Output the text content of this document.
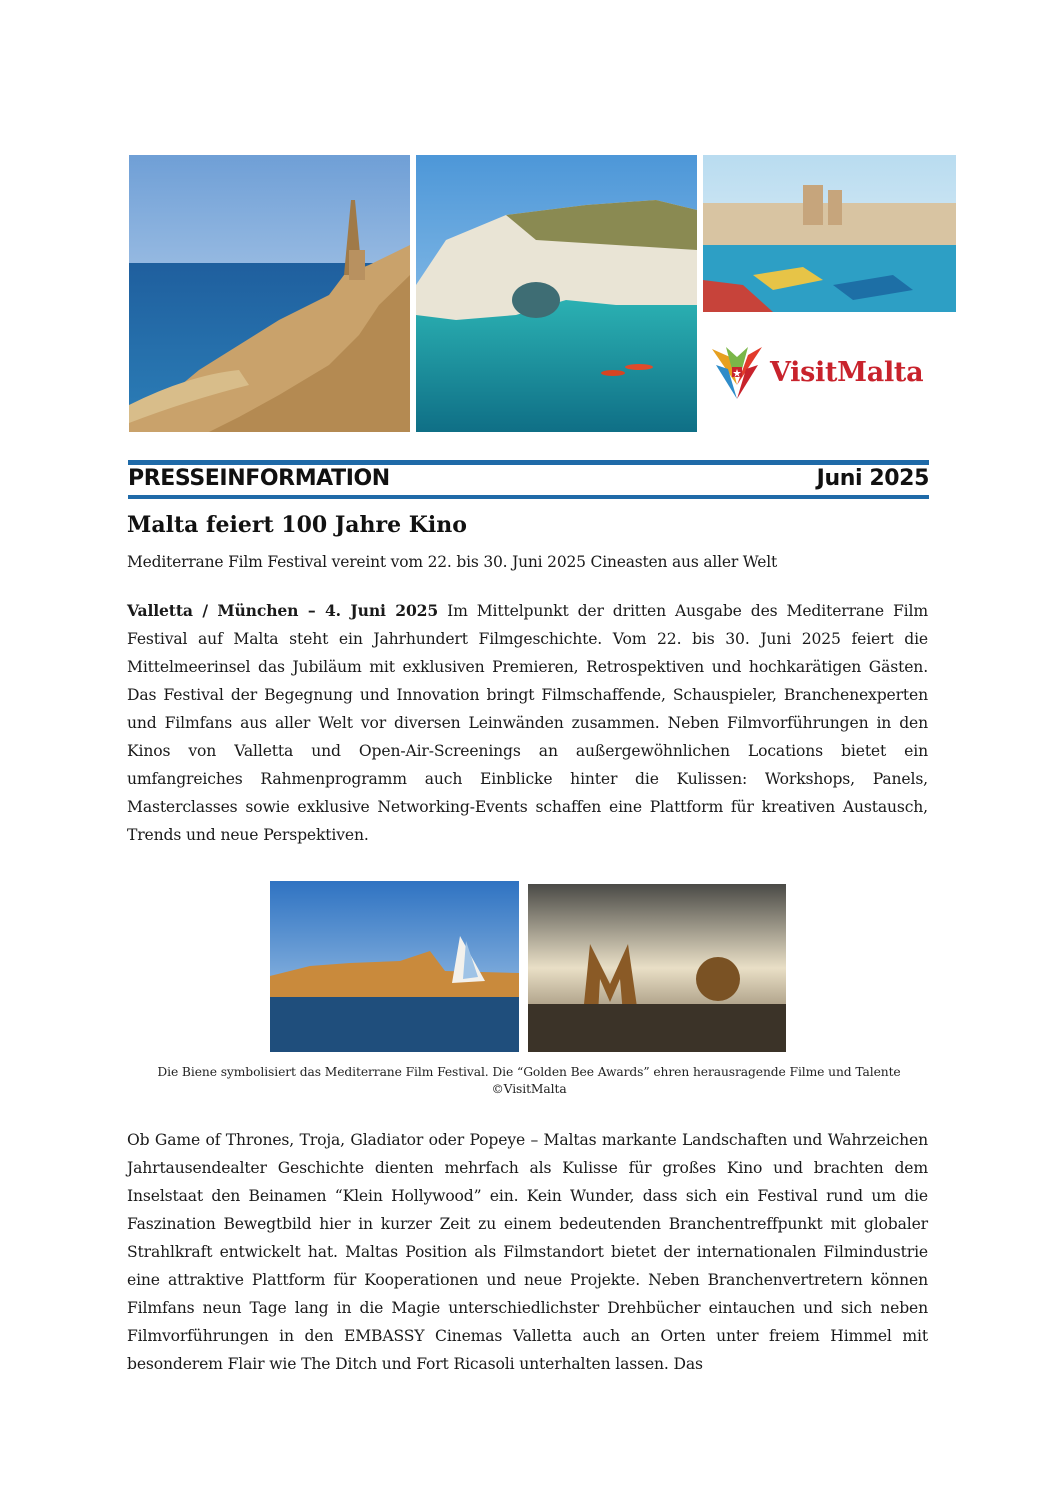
VisitMalta
PRESSEINFORMATION	Juni 2025
Malta feiert 100 Jahre Kino

Mediterrane Film Festival vereint vom 22. bis 30. Juni 2025 Cineasten aus aller Welt

Valletta / München – 4. Juni 2025 Im Mittelpunkt der dritten Ausgabe des Mediterrane Film Festival auf Malta steht ein Jahrhundert Filmgeschichte. Vom 22. bis 30. Juni 2025 feiert die Mittelmeerinsel das Jubiläum mit exklusiven Premieren, Retrospektiven und hochkarätigen Gästen. Das Festival der Begegnung und Innovation bringt Filmschaffende, Schauspieler, Branchenexperten und Filmfans aus aller Welt vor diversen Leinwänden zusammen. Neben Filmvorführungen in den Kinos von Valletta und Open-Air-Screenings an außergewöhnlichen Locations bietet ein umfangreiches Rahmenprogramm auch Einblicke hinter die Kulissen: Workshops, Panels, Masterclasses sowie exklusive Networking-Events schaffen eine Plattform für kreativen Austausch, Trends und neue Perspektiven.

Die Biene symbolisiert das Mediterrane Film Festival. Die “Golden Bee Awards” ehren herausragende Filme und Talente
©VisitMalta

Ob Game of Thrones, Troja, Gladiator oder Popeye – Maltas markante Landschaften und Wahrzeichen Jahrtausendealter Geschichte dienten mehrfach als Kulisse für großes Kino und brachten dem Inselstaat den Beinamen “Klein Hollywood” ein. Kein Wunder, dass sich ein Festival rund um die Faszination Bewegtbild hier in kurzer Zeit zu einem bedeutenden Branchentreffpunkt mit globaler Strahlkraft entwickelt hat. Maltas Position als Filmstandort bietet der internationalen Filmindustrie eine attraktive Plattform für Kooperationen und neue Projekte. Neben Branchenvertretern können Filmfans neun Tage lang in die Magie unterschiedlichster Drehbücher eintauchen und sich neben Filmvorführungen in den EMBASSY Cinemas Valletta auch an Orten unter freiem Himmel mit besonderem Flair wie The Ditch und Fort Ricasoli unterhalten lassen. Das
